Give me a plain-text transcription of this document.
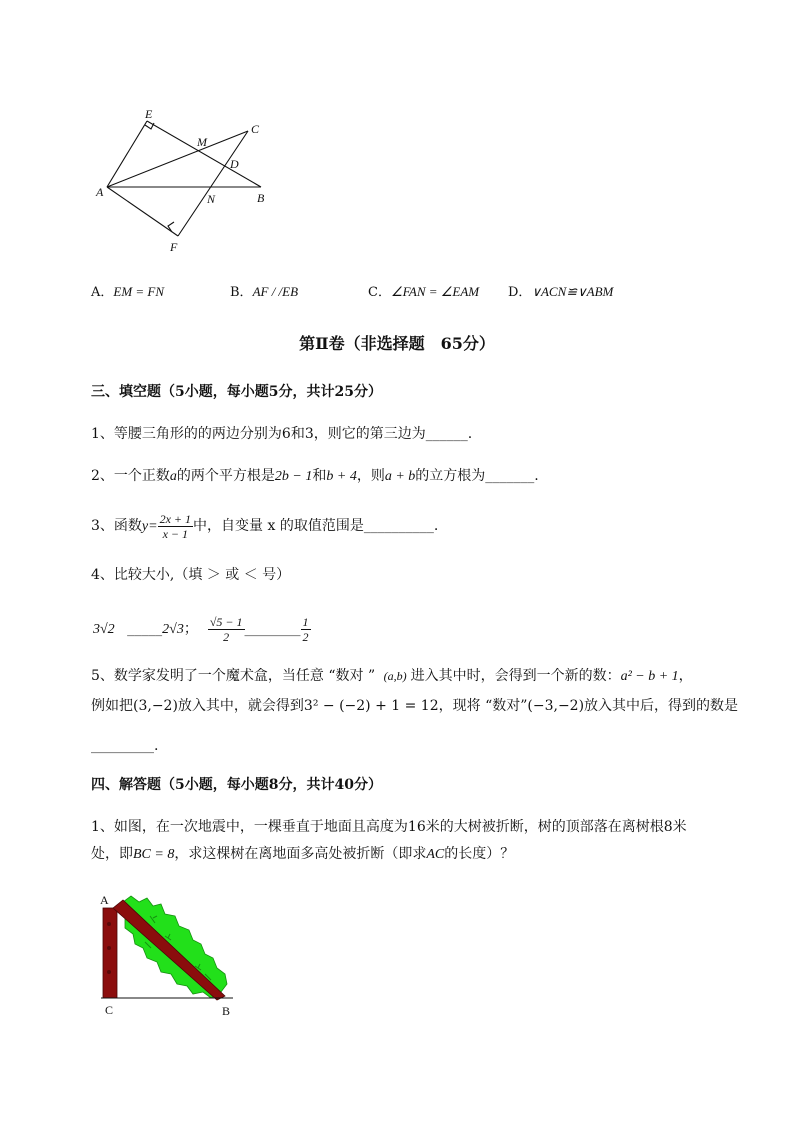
E
C
M
D
A	N	B
F
A．EM = FN	B．AF / /EB	C．∠FAN = ∠EAM D．∨ACN≌∨ABM
第Ⅱ卷（非选择题　65分）
三、填空题（5小题，每小题5分，共计25分）
1、等腰三角形的的两边分别为6和3，则它的第三边为______.
2、一个正数a的两个平方根是2b − 1和b + 4，则a + b的立方根为_______.
3、函数$y= \frac{2x + 1}{x - 1}$ 中，自变量 x 的取值范围是__________.
4、比较大小,（填 ＞ 或 ＜ 号）
3√2 _____2√3； $\frac{√5 - 1}{2}$ ________ $\frac{1}{2}$
5、数学家发明了一个魔术盒，当任意 “数对 ” (a,b) 进入其中时，会得到一个新的数：a² − b + 1，
例如把(3,−2)放入其中，就会得到3² − (−2) + 1 = 12，现将 “数对”(−3,−2)放入其中后，得到的数是
_________.
四、解答题（5小题，每小题8分，共计40分）
1、如图，在一次地震中，一棵垂直于地面且高度为16米的大树被折断，树的顶部落在离树根8米
处，即BC = 8，求这棵树在离地面多高处被折断（即求AC的长度）？
A
C	B
